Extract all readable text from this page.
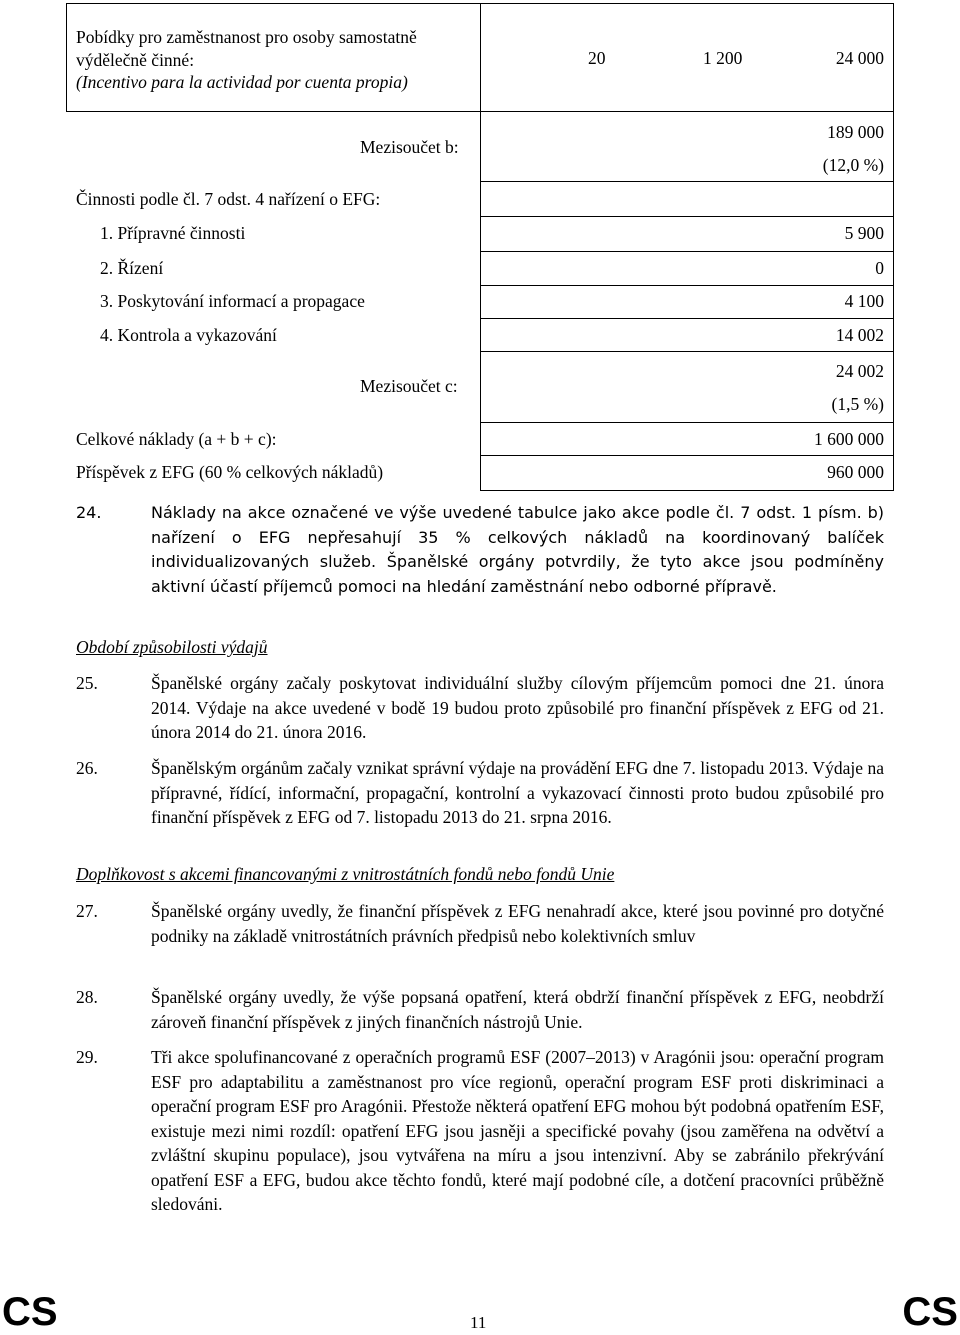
Pobídky pro zaměstnanost pro osoby samostatně
výdělečně činné:
(Incentivo para la actividad por cuenta propia)
20	1 200	24 000
Mezisoučet b:
189 000
(12,0 %)
Činnosti podle čl. 7 odst. 4 nařízení o EFG:
1. Přípravné činnosti	5 900
2. Řízení	0
3. Poskytování informací a propagace	4 100
4. Kontrola a vykazování	14 002
Mezisoučet c:
24 002
(1,5 %)
Celkové náklady (a + b + c):	1 600 000
Příspěvek z EFG (60 % celkových nákladů)	960 000
24.	Náklady na akce označené ve výše uvedené tabulce jako akce podle čl. 7 odst. 1 písm. b) nařízení o EFG nepřesahují 35 % celkových nákladů na koordinovaný balíček individualizovaných služeb. Španělské orgány potvrdily, že tyto akce jsou podmíněny aktivní účastí příjemců pomoci na hledání zaměstnání nebo odborné přípravě.
Období způsobilosti výdajů
25.	Španělské orgány začaly poskytovat individuální služby cílovým příjemcům pomoci dne 21. února 2014. Výdaje na akce uvedené v bodě 19 budou proto způsobilé pro finanční příspěvek z EFG od 21. února 2014 do 21. února 2016.
26.	Španělským orgánům začaly vznikat správní výdaje na provádění EFG dne 7. listopadu 2013. Výdaje na přípravné, řídící, informační, propagační, kontrolní a vykazovací činnosti proto budou způsobilé pro finanční příspěvek z EFG od 7. listopadu 2013 do 21. srpna 2016.
Doplňkovost s akcemi financovanými z vnitrostátních fondů nebo fondů Unie
27.	Španělské orgány uvedly, že finanční příspěvek z EFG nenahradí akce, které jsou povinné pro dotyčné podniky na základě vnitrostátních právních předpisů nebo kolektivních smluv
28.	Španělské orgány uvedly, že výše popsaná opatření, která obdrží finanční příspěvek z EFG, neobdrží zároveň finanční příspěvek z jiných finančních nástrojů Unie.
29.	Tři akce spolufinancované z operačních programů ESF (2007–2013) v Aragónii jsou: operační program ESF pro adaptabilitu a zaměstnanost pro více regionů, operační program ESF proti diskriminaci a operační program ESF pro Aragónii. Přestože některá opatření EFG mohou být podobná opatřením ESF, existuje mezi nimi rozdíl: opatření EFG jsou jasněji a specifické povahy (jsou zaměřena na odvětví a zvláštní skupinu populace), jsou vytvářena na míru a jsou intenzivní. Aby se zabránilo překrývání opatření ESF a EFG, budou akce těchto fondů, které mají podobné cíle, a dotčení pracovníci průběžně sledováni.
CS	11	CS
